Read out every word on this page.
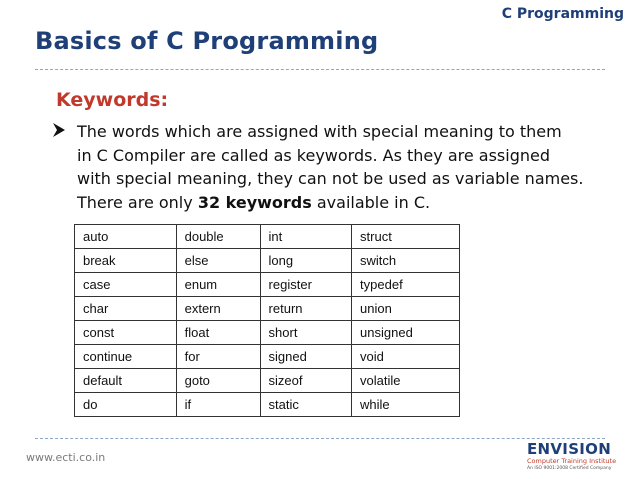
C Programming
Basics of C Programming
Keywords:
The words which are assigned with special meaning to them
in C Compiler are called as keywords. As they are assigned
with special meaning, they can not be used as variable names.
There are only 32 keywords available in C.
auto	double	int	struct
break	else	long	switch
case	enum	register	typedef
char	extern	return	union
const	float	short	unsigned
continue	for	signed	void
default	goto	sizeof	volatile
do	if	static	while
www.ecti.co.in	ENVISION
Computer Training Institute
An ISO 9001:2008 Certified Company
